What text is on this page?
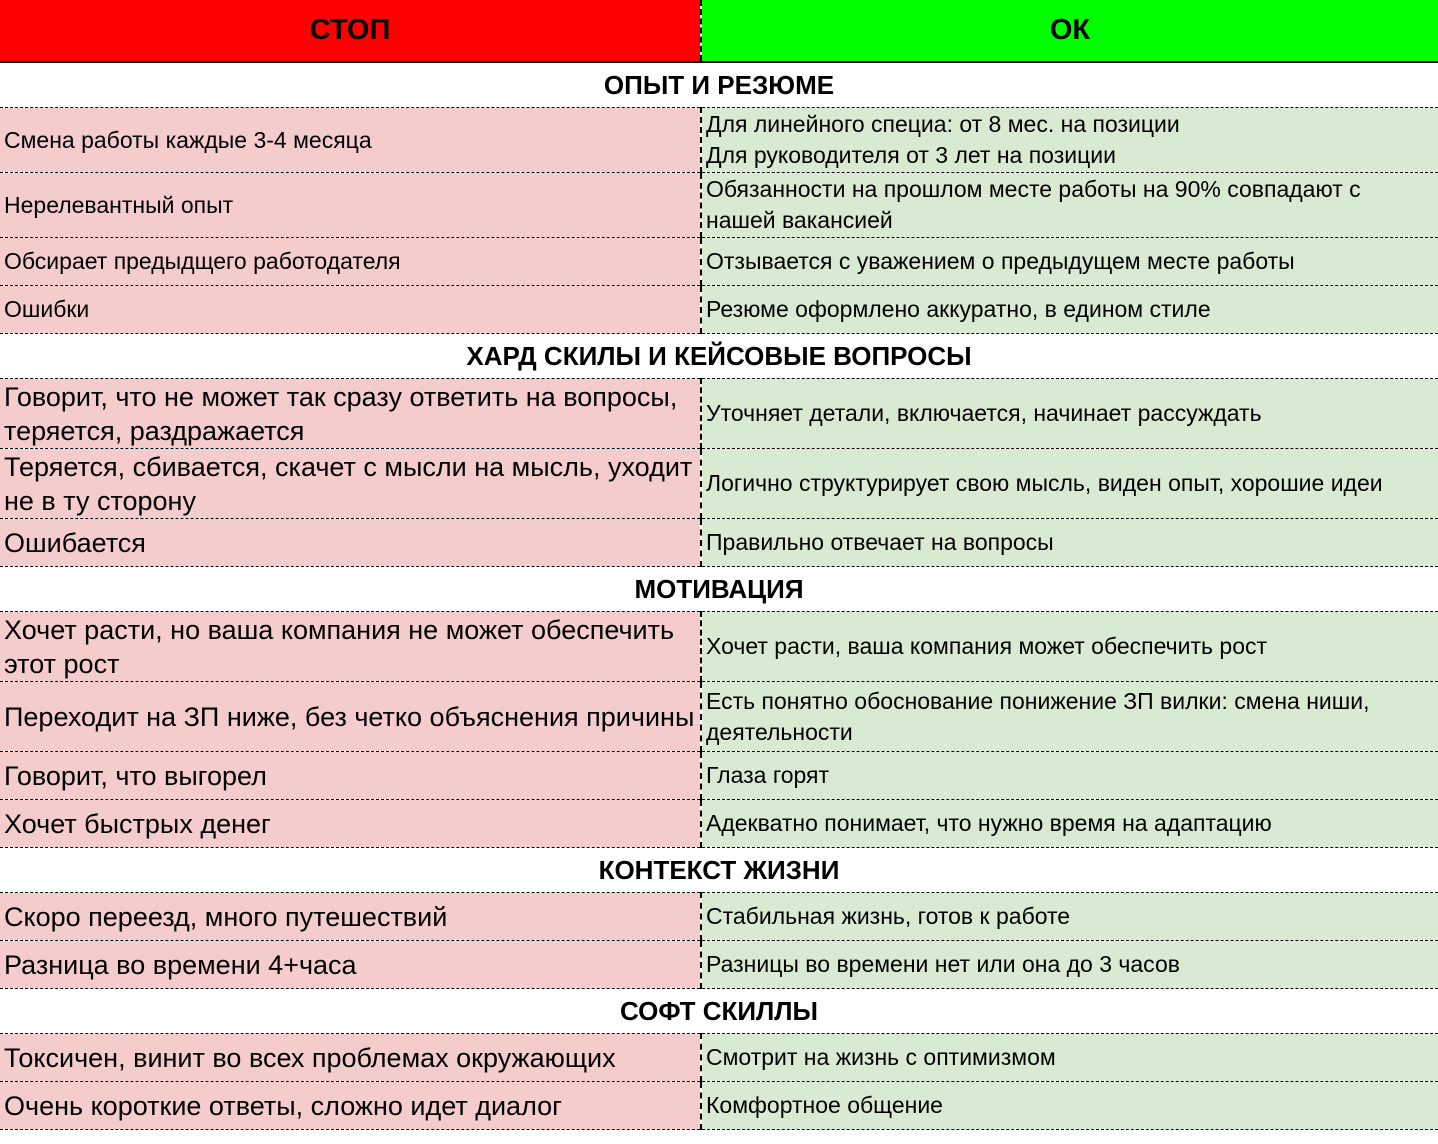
СТОП	ОК
ОПЫТ И РЕЗЮМЕ	
Смена работы каждые 3-4 месяца	Для линейного специа: от 8 мес. на позиции
Для руководителя от 3 лет на позиции
Нерелевантный опыт	Обязанности на прошлом месте работы на 90% совпадают с нашей вакансией
Обсирает предыдщего работодателя	Отзывается с уважением о предыдущем месте работы
Ошибки	Резюме оформлено аккуратно, в едином стиле
ХАРД СКИЛЫ И КЕЙСОВЫЕ ВОПРОСЫ	
Говорит, что не может так сразу ответить на вопросы, теряется, раздражается	Уточняет детали, включается, начинает рассуждать
Теряется, сбивается, скачет с мысли на мысль, уходит не в ту сторону	Логично структурирует свою мысль, виден опыт, хорошие идеи
Ошибается	Правильно отвечает на вопросы
МОТИВАЦИЯ	
Хочет расти, но ваша компания не может обеспечить этот рост	Хочет расти, ваша компания может обеспечить рост
Переходит на ЗП ниже, без четко объяснения причины	Есть понятно обоснование понижение ЗП вилки: смена ниши, деятельности
Говорит, что выгорел	Глаза горят
Хочет быстрых денег	Адекватно понимает, что нужно время на адаптацию
КОНТЕКСТ ЖИЗНИ	
Скоро переезд, много путешествий	Стабильная жизнь, готов к работе
Разница во времени 4+часа	Разницы во времени нет или она до 3 часов
СОФТ СКИЛЛЫ	
Токсичен, винит во всех проблемах окружающих	Смотрит на жизнь с оптимизмом
Очень короткие ответы, сложно идет диалог	Комфортное общение
